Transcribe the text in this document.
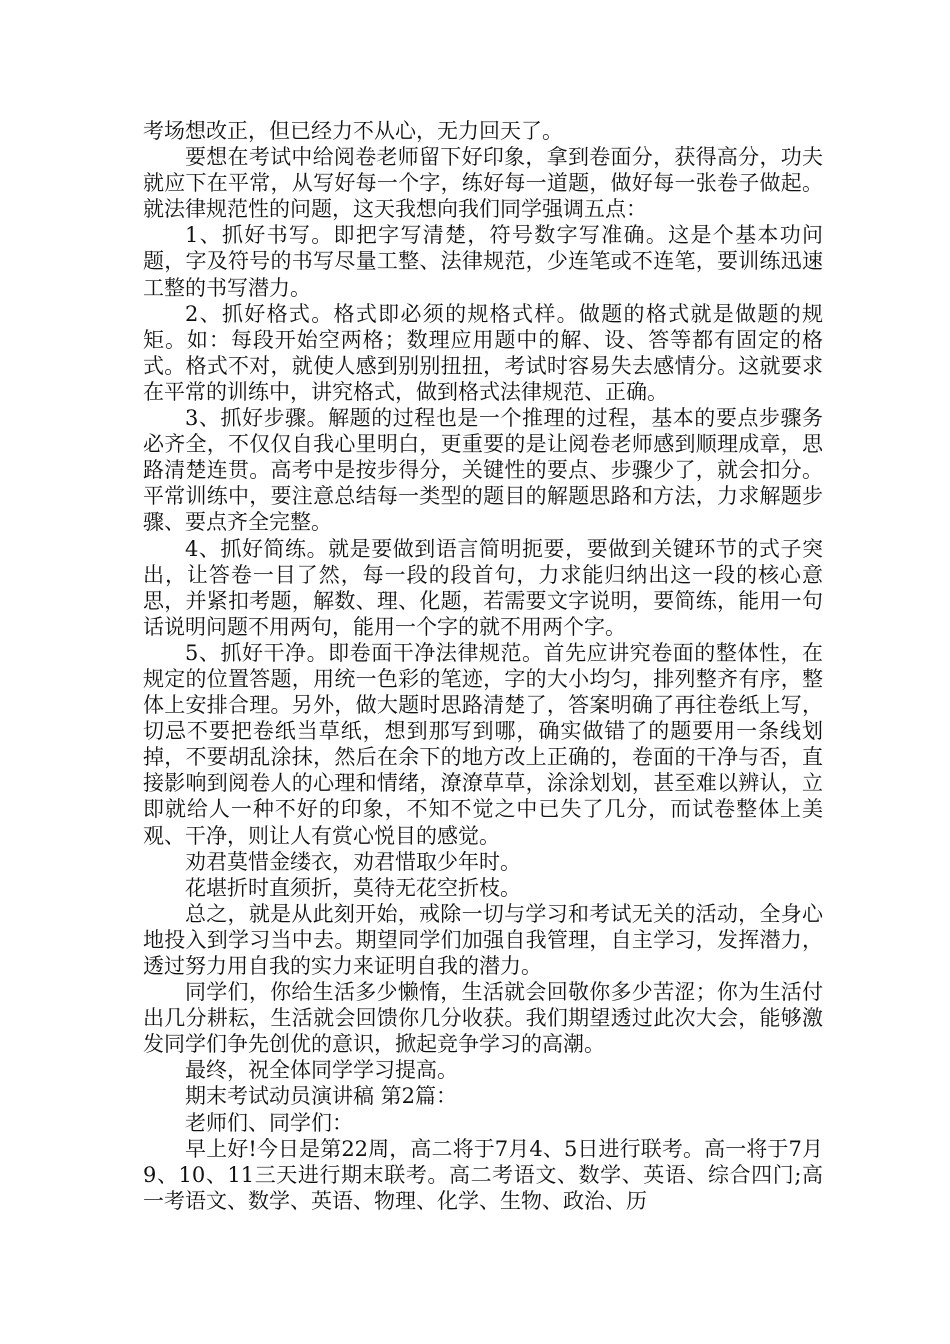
考场想改正，但已经力不从心，无力回天了。

要想在考试中给阅卷老师留下好印象，拿到卷面分，获得高分，功夫就应下在平常，从写好每一个字，练好每一道题，做好每一张卷子做起。就法律规范性的问题，这天我想向我们同学强调五点：

1、抓好书写。即把字写清楚，符号数字写准确。这是个基本功问题，字及符号的书写尽量工整、法律规范，少连笔或不连笔，要训练迅速工整的书写潜力。

2、抓好格式。格式即必须的规格式样。做题的格式就是做题的规矩。如：每段开始空两格；数理应用题中的解、设、答等都有固定的格式。格式不对，就使人感到别别扭扭，考试时容易失去感情分。这就要求在平常的训练中，讲究格式，做到格式法律规范、正确。

3、抓好步骤。解题的过程也是一个推理的过程，基本的要点步骤务必齐全，不仅仅自我心里明白，更重要的是让阅卷老师感到顺理成章，思路清楚连贯。高考中是按步得分，关键性的要点、步骤少了，就会扣分。平常训练中，要注意总结每一类型的题目的解题思路和方法，力求解题步骤、要点齐全完整。

4、抓好简练。就是要做到语言简明扼要，要做到关键环节的式子突出，让答卷一目了然，每一段的段首句，力求能归纳出这一段的核心意思，并紧扣考题，解数、理、化题，若需要文字说明，要简练，能用一句话说明问题不用两句，能用一个字的就不用两个字。

5、抓好干净。即卷面干净法律规范。首先应讲究卷面的整体性，在规定的位置答题，用统一色彩的笔迹，字的大小均匀，排列整齐有序，整体上安排合理。另外，做大题时思路清楚了，答案明确了再往卷纸上写，切忌不要把卷纸当草纸，想到那写到哪，确实做错了的题要用一条线划掉，不要胡乱涂抹，然后在余下的地方改上正确的，卷面的干净与否，直接影响到阅卷人的心理和情绪，潦潦草草，涂涂划划，甚至难以辨认，立即就给人一种不好的印象，不知不觉之中已失了几分，而试卷整体上美观、干净，则让人有赏心悦目的感觉。

劝君莫惜金缕衣，劝君惜取少年时。

花堪折时直须折，莫待无花空折枝。

总之，就是从此刻开始，戒除一切与学习和考试无关的活动，全身心地投入到学习当中去。期望同学们加强自我管理，自主学习，发挥潜力，透过努力用自我的实力来证明自我的潜力。

同学们，你给生活多少懒惰，生活就会回敬你多少苦涩；你为生活付出几分耕耘，生活就会回馈你几分收获。我们期望透过此次大会，能够激发同学们争先创优的意识，掀起竞争学习的高潮。

最终，祝全体同学学习提高。

期末考试动员演讲稿 第2篇：

老师们、同学们：

早上好!今日是第22周，高二将于7月4、5日进行联考。高一将于7月9、10、11三天进行期末联考。高二考语文、数学、英语、综合四门;高一考语文、数学、英语、物理、化学、生物、政治、历
